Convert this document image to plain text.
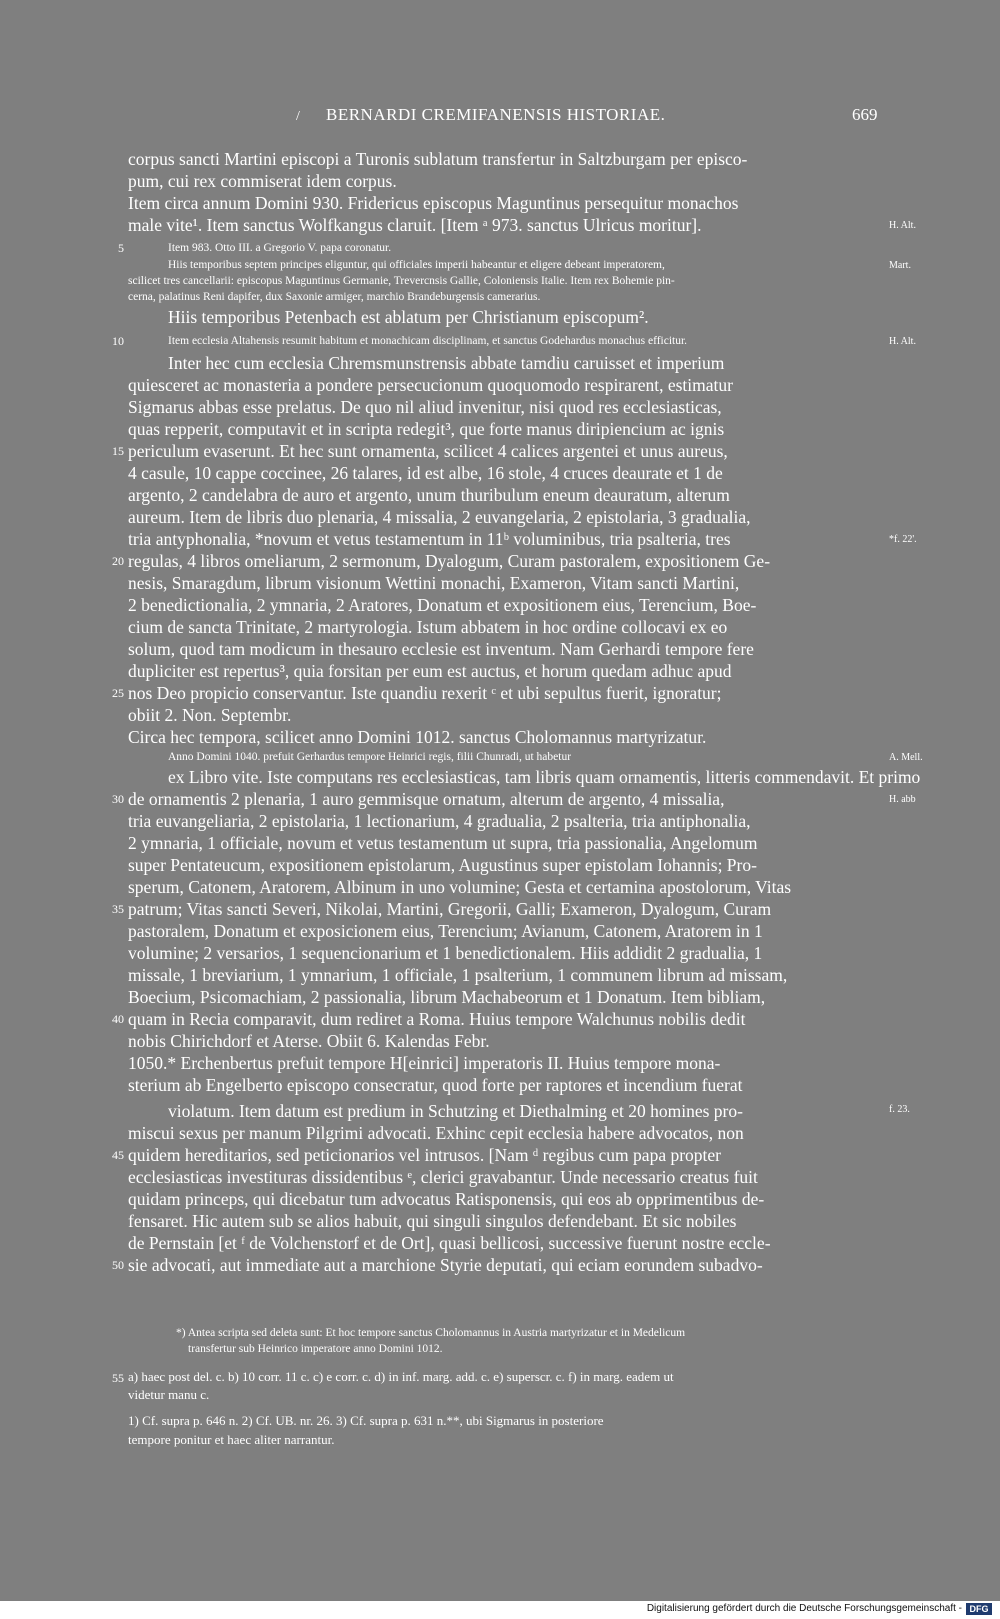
/ BERNARDI CREMIFANENSIS HISTORIAE.	669
corpus sancti Martini episcopi a Turonis sublatum transfertur in Saltzburgam per episco-
pum, cui rex commiserat idem corpus.
Item circa annum Domini 930. Fridericus episcopus Maguntinus persequitur monachos
male vite¹. Item sanctus Wolfkangus claruit. [Item ᵃ 973. sanctus Ulricus moritur].	H. Alt.
5	Item 983. Otto III. a Gregorio V. papa coronatur.
Hiis temporibus septem principes eliguntur, qui officiales imperii habeantur et eligere debeant imperatorem,	Mart.
scilicet tres cancellarii: episcopus Maguntinus Germanie, Trevercnsis Gallie, Coloniensis Italie. Item rex Bohemie pin-
cerna, palatinus Reni dapifer, dux Saxonie armiger, marchio Brandeburgensis camerarius.
Hiis temporibus Petenbach est ablatum per Christianum episcopum².
10	Item ecclesia Altahensis resumit habitum et monachicam disciplinam, et sanctus Godehardus monachus efficitur.	H. Alt.
Inter hec cum ecclesia Chremsmunstrensis abbate tamdiu caruisset et imperium
quiesceret ac monasteria a pondere persecucionum quoquomodo respirarent, estimatur
Sigmarus abbas esse prelatus. De quo nil aliud invenitur, nisi quod res ecclesiasticas,
quas repperit, computavit et in scripta redegit³, que forte manus diripiencium ac ignis
15 periculum evaserunt. Et hec sunt ornamenta, scilicet 4 calices argentei et unus aureus,
4 casule, 10 cappe coccinee, 26 talares, id est albe, 16 stole, 4 cruces deaurate et 1 de
argento, 2 candelabra de auro et argento, unum thuribulum eneum deauratum, alterum
aureum. Item de libris duo plenaria, 4 missalia, 2 euvangelaria, 2 epistolaria, 3 gradualia,
tria antyphonalia, *novum et vetus testamentum in 11ᵇ voluminibus, tria psalteria, tres	*f. 22'.
20 regulas, 4 libros omeliarum, 2 sermonum, Dyalogum, Curam pastoralem, expositionem Ge-
nesis, Smaragdum, librum visionum Wettini monachi, Exameron, Vitam sancti Martini,
2 benedictionalia, 2 ymnaria, 2 Aratores, Donatum et expositionem eius, Terencium, Boe-
cium de sancta Trinitate, 2 martyrologia. Istum abbatem in hoc ordine collocavi ex eo
solum, quod tam modicum in thesauro ecclesie est inventum. Nam Gerhardi tempore fere
dupliciter est repertus³, quia forsitan per eum est auctus, et horum quedam adhuc apud
25 nos Deo propicio conservantur. Iste quandiu rexerit ᶜ et ubi sepultus fuerit, ignoratur;
obiit 2. Non. Septembr.
Circa hec tempora, scilicet anno Domini 1012. sanctus Cholomannus martyrizatur.
Anno Domini 1040. prefuit Gerhardus tempore Heinrici regis, filii Chunradi, ut habetur	A. Mell.
ex Libro vite. Iste computans res ecclesiasticas, tam libris quam ornamentis, litteris commendavit. Et primo
30 de ornamentis 2 plenaria, 1 auro gemmisque ornatum, alterum de argento, 4 missalia,	H. abb
tria euvangeliaria, 2 epistolaria, 1 lectionarium, 4 gradualia, 2 psalteria, tria antiphonalia,
2 ymnaria, 1 officiale, novum et vetus testamentum ut supra, tria passionalia, Angelomum
super Pentateucum, expositionem epistolarum, Augustinus super epistolam Iohannis; Pro-
sperum, Catonem, Aratorem, Albinum in uno volumine; Gesta et certamina apostolorum, Vitas
35 patrum; Vitas sancti Severi, Nikolai, Martini, Gregorii, Galli; Exameron, Dyalogum, Curam
pastoralem, Donatum et exposicionem eius, Terencium; Avianum, Catonem, Aratorem in 1
volumine; 2 versarios, 1 sequencionarium et 1 benedictionalem. Hiis addidit 2 gradualia, 1
missale, 1 breviarium, 1 ymnarium, 1 officiale, 1 psalterium, 1 communem librum ad missam,
Boecium, Psicomachiam, 2 passionalia, librum Machabeorum et 1 Donatum. Item bibliam,
40 quam in Recia comparavit, dum rediret a Roma. Huius tempore Walchunus nobilis dedit
nobis Chirichdorf et Aterse. Obiit 6. Kalendas Febr.
1050.* Erchenbertus prefuit tempore H[einrici] imperatoris II. Huius tempore mona-
sterium ab Engelberto episcopo consecratur, quod forte per raptores et incendium fuerat
violatum. Item datum est predium in Schutzing et Diethalming et 20 homines pro-	f. 23.
miscui sexus per manum Pilgrimi advocati. Exhinc cepit ecclesia habere advocatos, non
45 quidem hereditarios, sed peticionarios vel intrusos. [Nam ᵈ regibus cum papa propter
ecclesiasticas investituras dissidentibus ᵉ, clerici gravabantur. Unde necessario creatus fuit
quidam princeps, qui dicebatur tum advocatus Ratisponensis, qui eos ab opprimentibus de-
fensaret. Hic autem sub se alios habuit, qui singuli singulos defendebant. Et sic nobiles
de Pernstain [et ᶠ de Volchenstorf et de Ort], quasi bellicosi, successive fuerunt nostre eccle-
50 sie advocati, aut immediate aut a marchione Styrie deputati, qui eciam eorundem subadvo-
*) Antea scripta sed deleta sunt: Et hoc tempore sanctus Cholomannus in Austria martyrizatur et in Medelicum
transfertur sub Heinrico imperatore anno Domini 1012.
55 a) haec post del. c. b) 10 corr. 11 c. c) e corr. c. d) in inf. marg. add. c. e) superscr. c. f) in marg. eadem ut
videtur manu c.
1) Cf. supra p. 646 n. 2) Cf. UB. nr. 26. 3) Cf. supra p. 631 n.**, ubi Sigmarus in posteriore
tempore ponitur et haec aliter narrantur.
Digitalisierung gefördert durch die Deutsche Forschungsgemeinschaft - DFG
